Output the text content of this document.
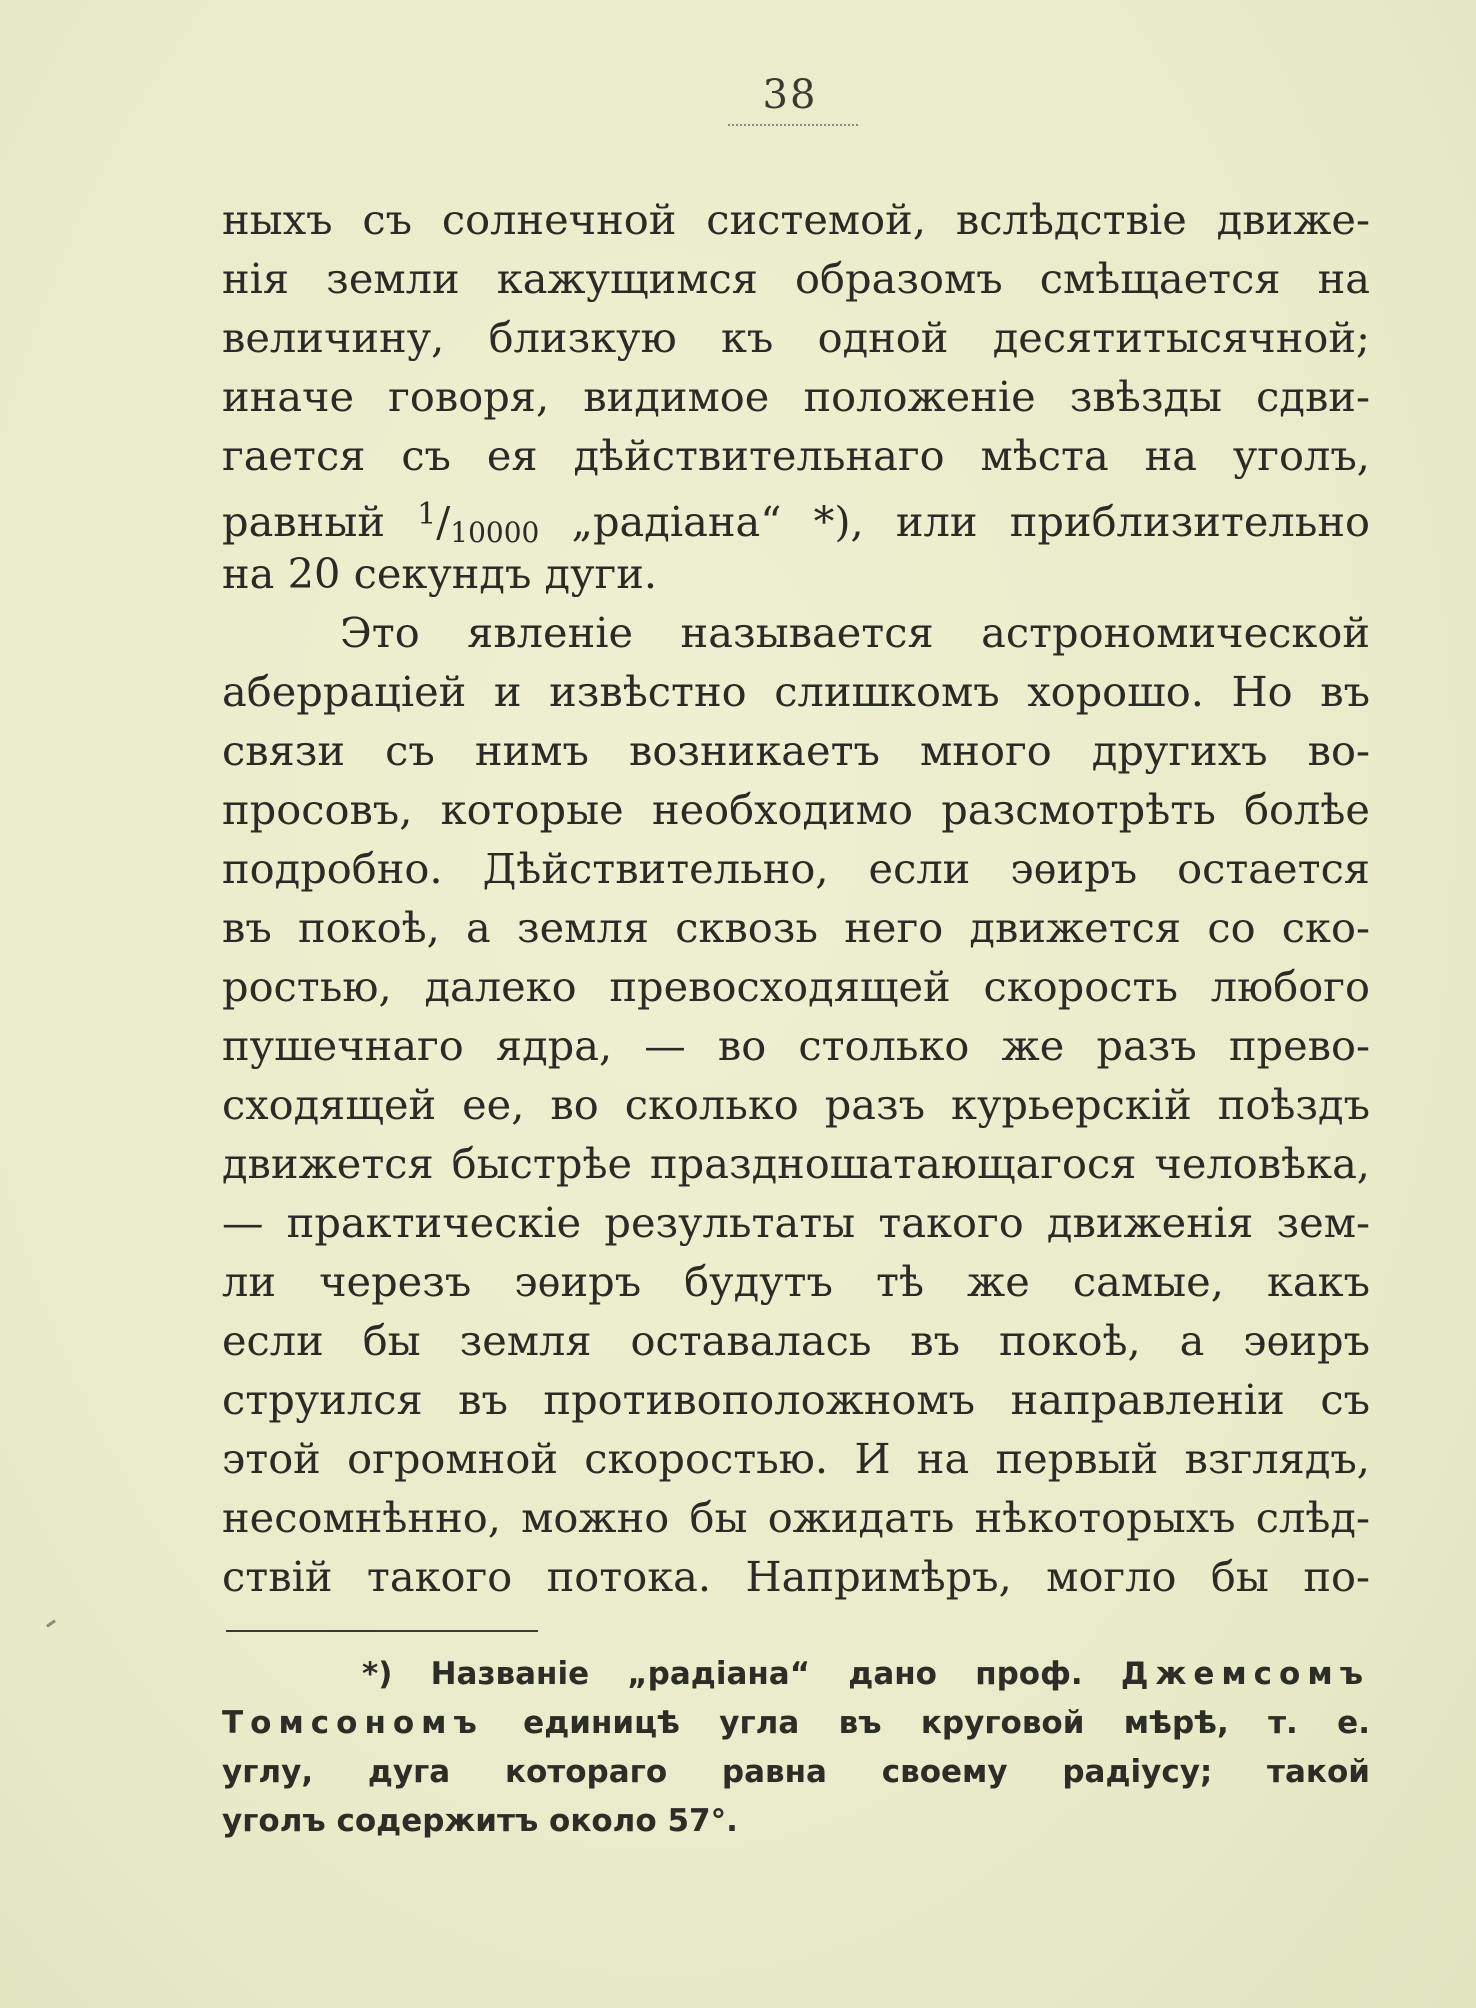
38
ныхъ съ солнечной системой, вслѣдствіе движе-
нія земли кажущимся образомъ смѣщается на
величину, близкую къ одной десятитысячной;
иначе говоря, видимое положеніе звѣзды сдви-
гается съ ея дѣйствительнаго мѣста на уголъ,
равный $^1/_{10000}$ „радіана“ *), или приблизительно
на 20 секундъ дуги.
Это явленіе называется астрономической
аберраціей и извѣстно слишкомъ хорошо. Но въ
связи съ нимъ возникаетъ много другихъ во-
просовъ, которые необходимо разсмотрѣть болѣе
подробно. Дѣйствительно, если эѳиръ остается
въ покоѣ, а земля сквозь него движется со ско-
ростью, далеко превосходящей скорость любого
пушечнаго ядра, — во столько же разъ прево-
сходящей ее, во сколько разъ курьерскій поѣздъ
движется быстрѣе праздношатающагося человѣка,
— практическіе результаты такого движенія зем-
ли черезъ эѳиръ будутъ тѣ же самые, какъ
если бы земля оставалась въ покоѣ, а эѳиръ
струился въ противоположномъ направленіи съ
этой огромной скоростью. И на первый взглядъ,
несомнѣнно, можно бы ожидать нѣкоторыхъ слѣд-
ствій такого потока. Напримѣръ, могло бы по-
*) Названіе „радіана“ дано проф. Джемсомъ
Томсономъ единицѣ угла въ круговой мѣрѣ, т. е.
углу, дуга котораго равна своему радіусу; такой
уголъ содержитъ около 57°.
